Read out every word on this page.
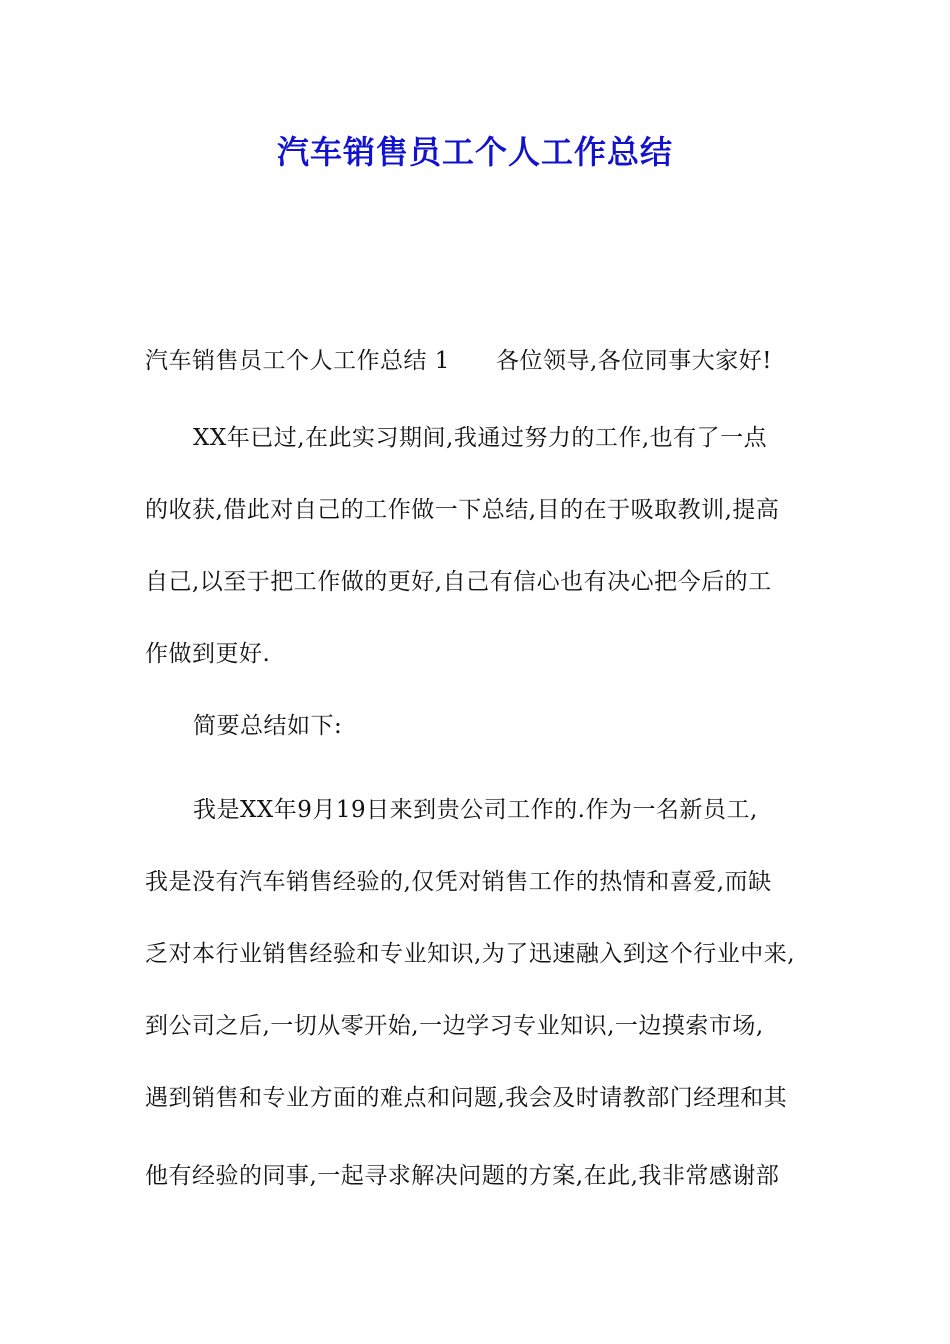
汽车销售员工个人工作总结
汽车销售员工个人工作总结 1 各位领导,各位同事大家好!
XX年已过,在此实习期间,我通过努力的工作,也有了一点
的收获,借此对自己的工作做一下总结,目的在于吸取教训,提高
自己,以至于把工作做的更好,自己有信心也有决心把今后的工
作做到更好.
简要总结如下:
我是XX年9月19日来到贵公司工作的.作为一名新员工,
我是没有汽车销售经验的,仅凭对销售工作的热情和喜爱,而缺
乏对本行业销售经验和专业知识,为了迅速融入到这个行业中来,
到公司之后,一切从零开始,一边学习专业知识,一边摸索市场,
遇到销售和专业方面的难点和问题,我会及时请教部门经理和其
他有经验的同事,一起寻求解决问题的方案,在此,我非常感谢部
